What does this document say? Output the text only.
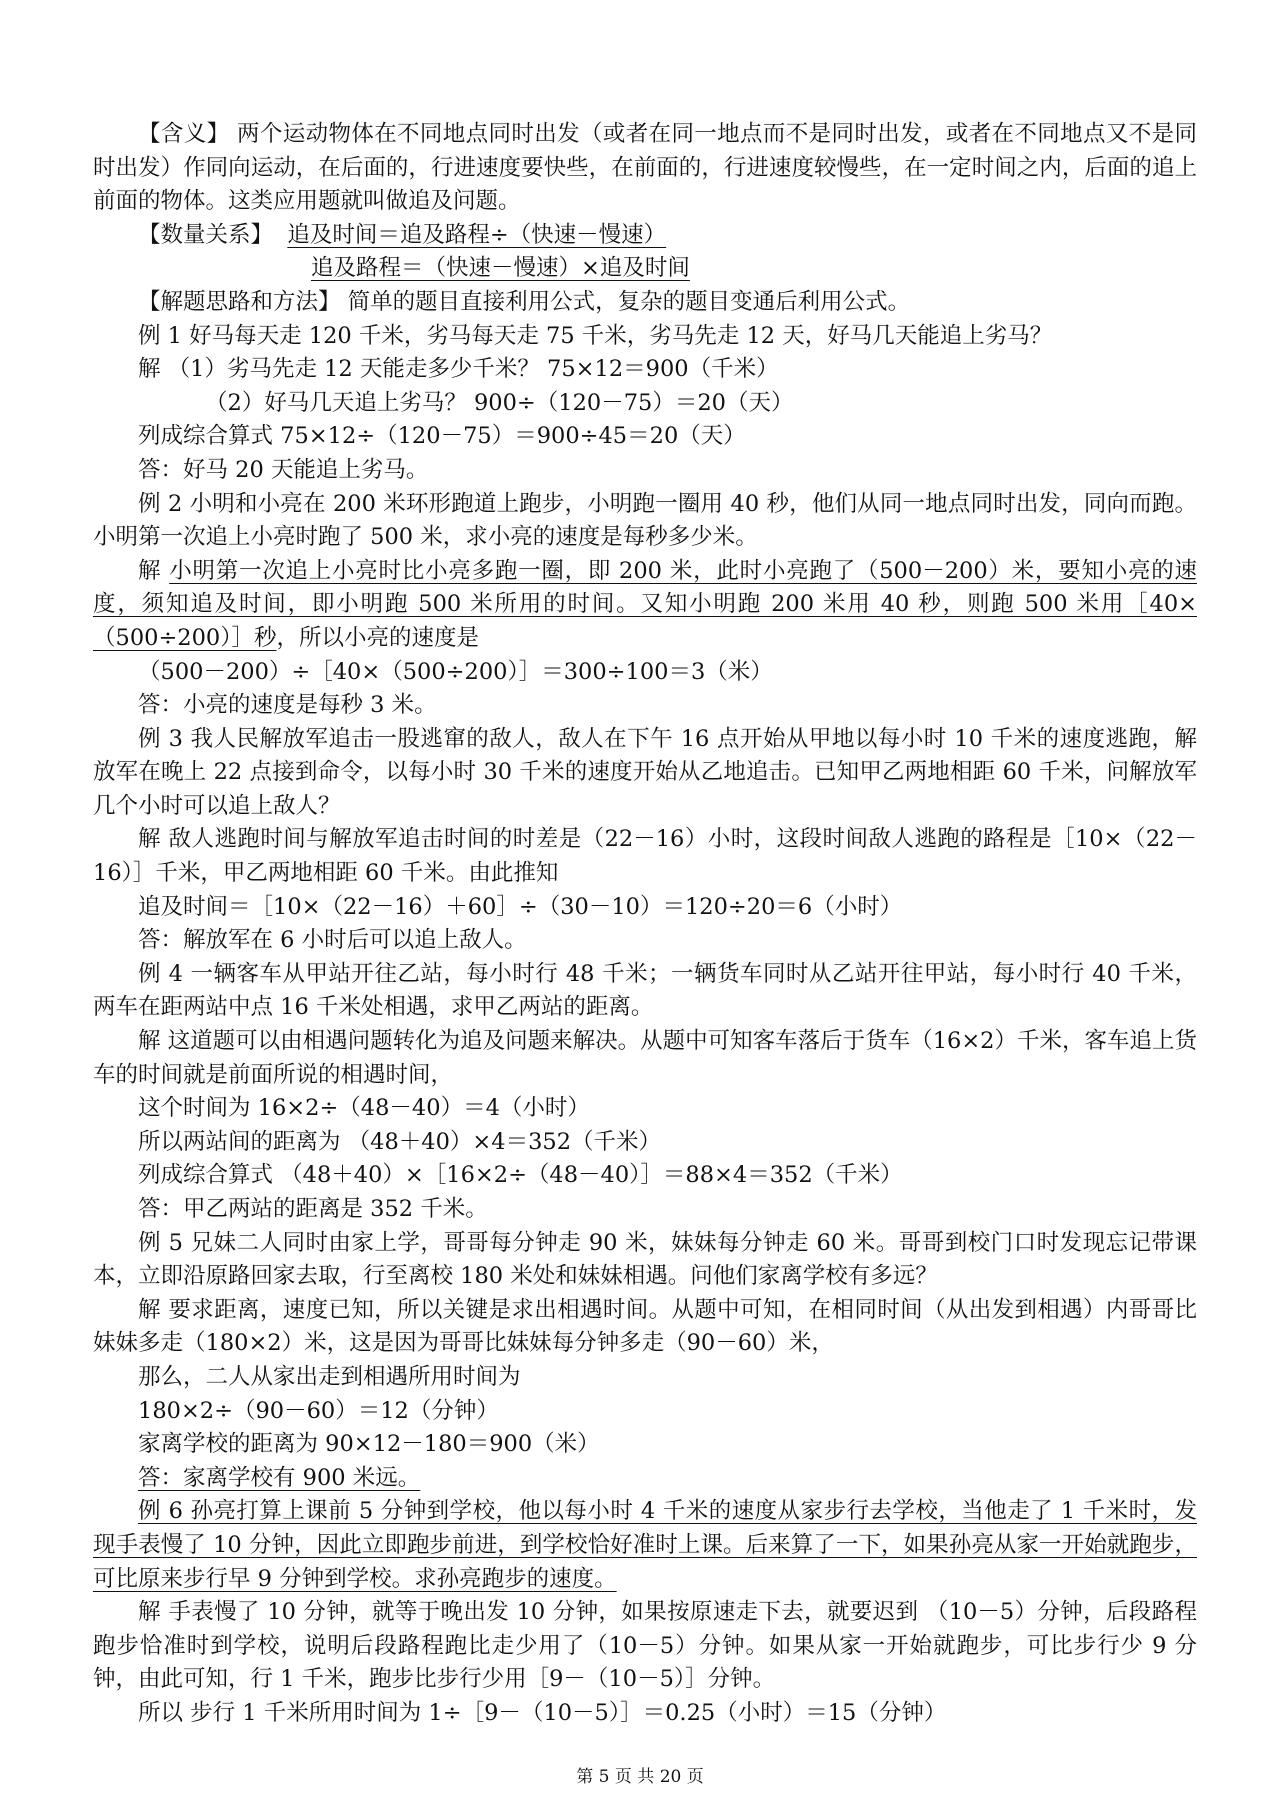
【含义】 两个运动物体在不同地点同时出发（或者在同一地点而不是同时出发，或者在不同地点又不是同时出发）作同向运动，在后面的，行进速度要快些，在前面的，行进速度较慢些，在一定时间之内，后面的追上前面的物体。这类应用题就叫做追及问题。

【数量关系】 追及时间＝追及路程÷（快速－慢速）

追及路程＝（快速－慢速）×追及时间

【解题思路和方法】 简单的题目直接利用公式，复杂的题目变通后利用公式。

例 1 好马每天走 120 千米，劣马每天走 75 千米，劣马先走 12 天，好马几天能追上劣马？

解 （1）劣马先走 12 天能走多少千米？ 75×12＝900（千米）

（2）好马几天追上劣马？ 900÷（120－75）＝20（天）

列成综合算式 75×12÷（120－75）＝900÷45＝20（天）

答：好马 20 天能追上劣马。

例 2 小明和小亮在 200 米环形跑道上跑步，小明跑一圈用 40 秒，他们从同一地点同时出发，同向而跑。小明第一次追上小亮时跑了 500 米，求小亮的速度是每秒多少米。

解 小明第一次追上小亮时比小亮多跑一圈，即 200 米，此时小亮跑了（500－200）米，要知小亮的速度，须知追及时间，即小明跑 500 米所用的时间。又知小明跑 200 米用 40 秒，则跑 500 米用［40×（500÷200）］秒，所以小亮的速度是

（500－200）÷［40×（500÷200）］＝300÷100＝3（米）

答：小亮的速度是每秒 3 米。

例 3 我人民解放军追击一股逃窜的敌人，敌人在下午 16 点开始从甲地以每小时 10 千米的速度逃跑，解放军在晚上 22 点接到命令，以每小时 30 千米的速度开始从乙地追击。已知甲乙两地相距 60 千米，问解放军几个小时可以追上敌人？

解 敌人逃跑时间与解放军追击时间的时差是（22－16）小时，这段时间敌人逃跑的路程是［10×（22－16）］千米，甲乙两地相距 60 千米。由此推知

追及时间＝［10×（22－16）＋60］÷（30－10）＝120÷20＝6（小时）

答：解放军在 6 小时后可以追上敌人。

例 4 一辆客车从甲站开往乙站，每小时行 48 千米；一辆货车同时从乙站开往甲站，每小时行 40 千米，两车在距两站中点 16 千米处相遇，求甲乙两站的距离。

解 这道题可以由相遇问题转化为追及问题来解决。从题中可知客车落后于货车（16×2）千米，客车追上货车的时间就是前面所说的相遇时间，

这个时间为 16×2÷（48－40）＝4（小时）

所以两站间的距离为 （48＋40）×4＝352（千米）

列成综合算式 （48＋40）×［16×2÷（48－40）］＝88×4＝352（千米）

答：甲乙两站的距离是 352 千米。

例 5 兄妹二人同时由家上学，哥哥每分钟走 90 米，妹妹每分钟走 60 米。哥哥到校门口时发现忘记带课本，立即沿原路回家去取，行至离校 180 米处和妹妹相遇。问他们家离学校有多远？

解 要求距离，速度已知，所以关键是求出相遇时间。从题中可知，在相同时间（从出发到相遇）内哥哥比妹妹多走（180×2）米，这是因为哥哥比妹妹每分钟多走（90－60）米，

那么，二人从家出走到相遇所用时间为

180×2÷（90－60）＝12（分钟）

家离学校的距离为 90×12－180＝900（米）

答：家离学校有 900 米远。

例 6 孙亮打算上课前 5 分钟到学校，他以每小时 4 千米的速度从家步行去学校，当他走了 1 千米时，发现手表慢了 10 分钟，因此立即跑步前进，到学校恰好准时上课。后来算了一下，如果孙亮从家一开始就跑步，可比原来步行早 9 分钟到学校。求孙亮跑步的速度。

解 手表慢了 10 分钟，就等于晚出发 10 分钟，如果按原速走下去，就要迟到 （10－5）分钟，后段路程跑步恰准时到学校，说明后段路程跑比走少用了（10－5）分钟。如果从家一开始就跑步，可比步行少 9 分钟，由此可知，行 1 千米，跑步比步行少用［9－（10－5）］分钟。

所以 步行 1 千米所用时间为 1÷［9－（10－5）］＝0.25（小时）＝15（分钟）

第 5 页 共 20 页
